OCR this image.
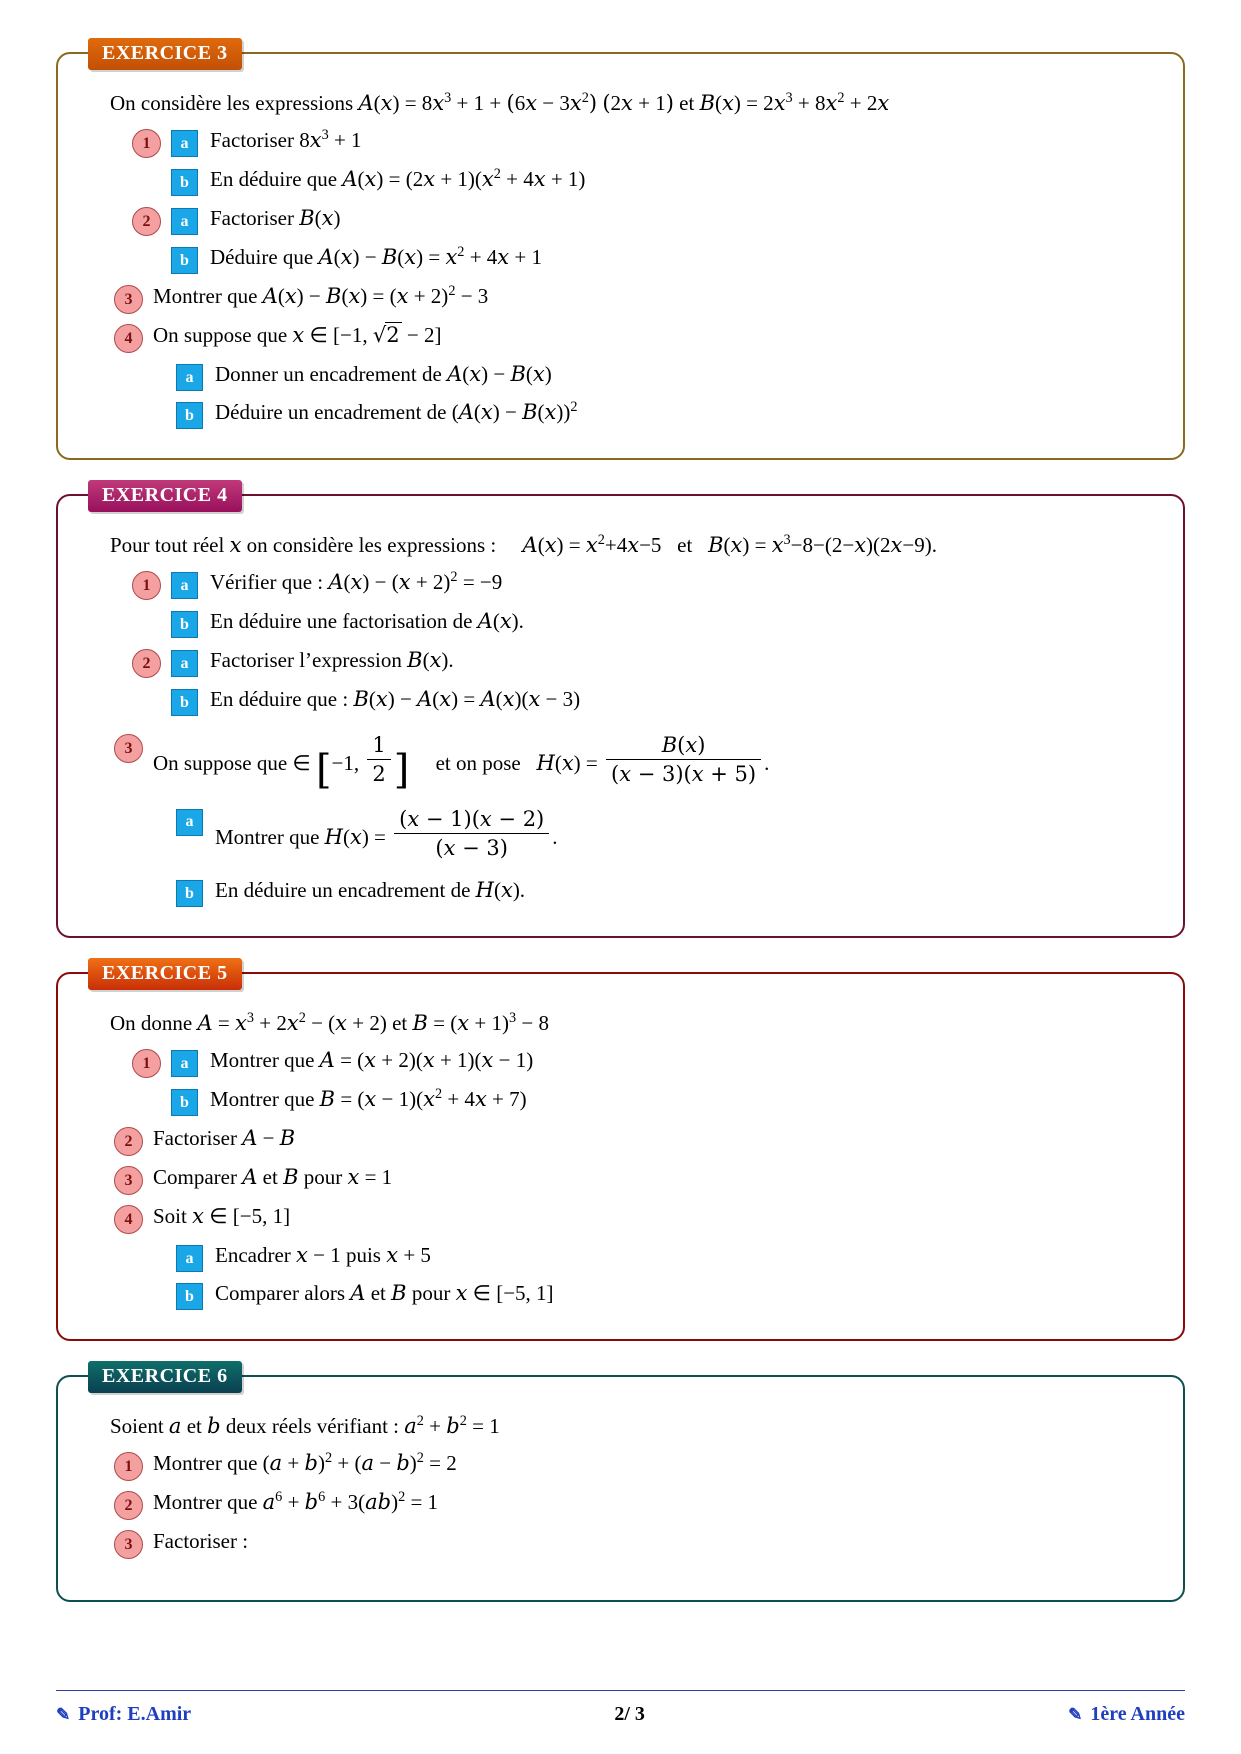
EXERCICE 3
On considère les expressions $A(x) = 8x^3 + 1 + (6x - 3x^2) (2x + 1)$ et $B(x) = 2x^3 + 8x^2 + 2x$
1	a	Factoriser $8x^3 + 1$
b	En déduire que $A(x) = (2x + 1)(x^2 + 4x + 1)$
2	a	Factoriser B(x)
b	Déduire que $A(x) - B(x) = x^2 + 4x + 1$
3 Montrer que $A(x) - B(x) = (x + 2)^2 - 3$
4 On suppose que x ∈ [−1, √2 − 2]
a	Donner un encadrement de A(x) − B(x)
b	Déduire un encadrement de $(A(x) - B(x))^2$
EXERCICE 4
Pour tout réel x on considère les expressions :     $A(x) = x^2+4x-5$   et   $B(x) = x^3-8-(2-x)(2x-9)$.
1	a	Vérifier que : $A(x) - (x + 2)^2 = -9$
b	En déduire une factorisation de A(x).
2	a	Factoriser l’expression B(x).
b	En déduire que : B(x) − A(x) = A(x)(x − 3)
3
On suppose que ∈ [−1, $\frac{1}{2}$ ]     et on pose   $H(x) = \frac{B(x)}{(x - 3)(x + 5)}$ .
a
Montrer que $H(x) = \frac{(x - 1)(x - 2)}{(x - 3)}$ .
b	En déduire un encadrement de H(x).
EXERCICE 5
On donne $A = x^3 + 2x^2 - (x + 2)$ et $B = (x + 1)^3 - 8$
1	a	Montrer que A = (x + 2)(x + 1)(x − 1)
b	Montrer que $B = (x - 1)(x^2 + 4x + 7)$
2 Factoriser A − B
3 Comparer A et B pour x = 1
4 Soit x ∈ [−5, 1]
a	Encadrer x − 1 puis x + 5
b	Comparer alors A et B pour x ∈ [−5, 1]
EXERCICE 6
Soient a et b deux réels vérifiant : $a^2 + b^2 = 1$
1 Montrer que $(a + b)^2 + (a - b)^2 = 2$
2 Montrer que $a^6 + b^6 + 3(ab)^2 = 1$
3 Factoriser :
✎ Prof: E.Amir	2/ 3	✎ 1ère Année
